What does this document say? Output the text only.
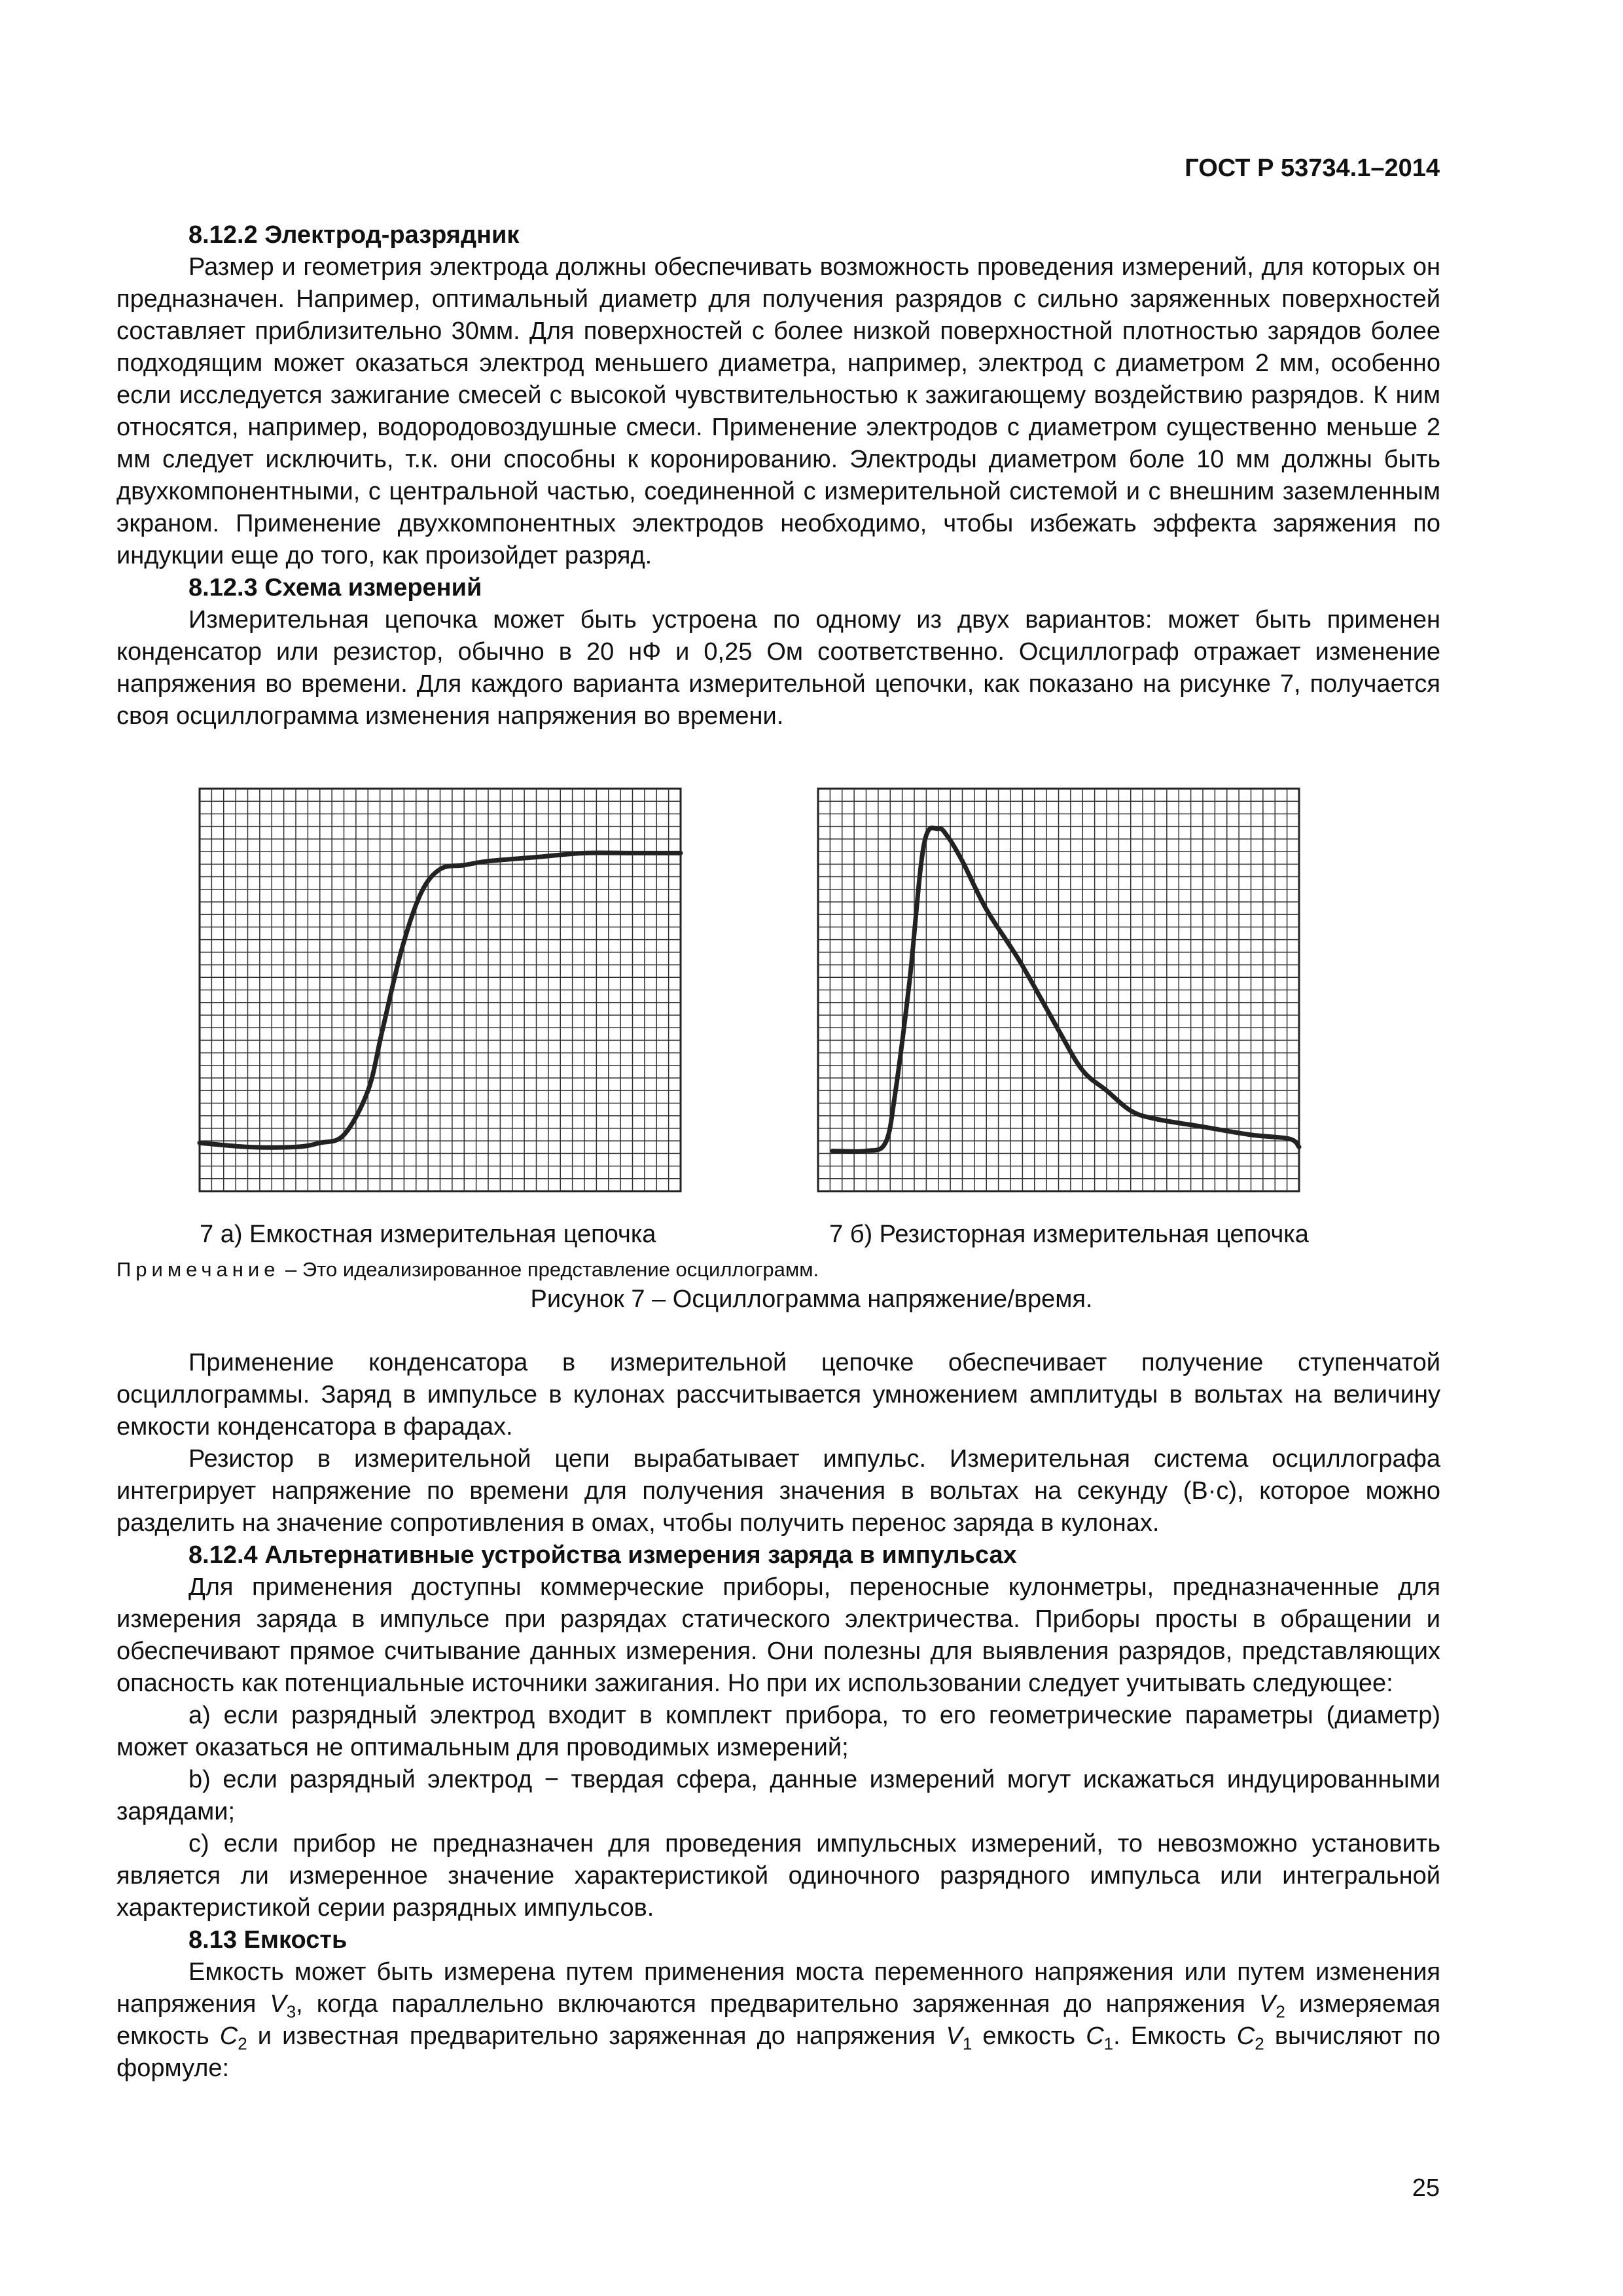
ГОСТ Р 53734.1–2014

8.12.2 Электрод-разрядник

Размер и геометрия электрода должны обеспечивать возможность проведения измерений, для которых он предназначен. Например, оптимальный диаметр для получения разрядов с сильно заряженных поверхностей составляет приблизительно 30мм. Для поверхностей с более низкой поверхностной плотностью зарядов более подходящим может оказаться электрод меньшего диаметра, например, электрод с диаметром 2 мм, особенно если исследуется зажигание смесей с высокой чувствительностью к зажигающему воздействию разрядов. К ним относятся, например, водородовоздушные смеси. Применение электродов с диаметром существенно меньше 2 мм следует исключить, т.к. они способны к коронированию. Электроды диаметром боле 10 мм должны быть двухкомпонентными, с центральной частью, соединенной с измерительной системой и с внешним заземленным экраном. Применение двухкомпонентных электродов необходимо, чтобы избежать эффекта заряжения по индукции еще до того, как произойдет разряд.

8.12.3 Схема измерений

Измерительная цепочка может быть устроена по одному из двух вариантов: может быть применен конденсатор или резистор, обычно в 20 нФ и 0,25 Ом соответственно. Осциллограф отражает изменение напряжения во времени. Для каждого варианта измерительной цепочки, как показано на рисунке 7, получается своя осциллограмма изменения напряжения во времени.

7 а) Емкостная измерительная цепочка	7 б) Резисторная измерительная цепочка
Примечание – Это идеализированное представление осциллограмм.
Рисунок 7 – Осциллограмма напряжение/время.

Применение конденсатора в измерительной цепочке обеспечивает получение ступенчатой осциллограммы. Заряд в импульсе в кулонах рассчитывается умножением амплитуды в вольтах на величину емкости конденсатора в фарадах.

Резистор в измерительной цепи вырабатывает импульс. Измерительная система осциллографа интегрирует напряжение по времени для получения значения в вольтах на секунду (В·с), которое можно разделить на значение сопротивления в омах, чтобы получить перенос заряда в кулонах.

8.12.4 Альтернативные устройства измерения заряда в импульсах

Для применения доступны коммерческие приборы, переносные кулонметры, предназначенные для измерения заряда в импульсе при разрядах статического электричества. Приборы просты в обращении и обеспечивают прямое считывание данных измерения. Они полезны для выявления разрядов, представляющих опасность как потенциальные источники зажигания. Но при их использовании следует учитывать следующее:

а) если разрядный электрод входит в комплект прибора, то его геометрические параметры (диаметр) может оказаться не оптимальным для проводимых измерений;

b) если разрядный электрод − твердая сфера, данные измерений могут искажаться индуцированными зарядами;

с) если прибор не предназначен для проведения импульсных измерений, то невозможно установить является ли измеренное значение характеристикой одиночного разрядного импульса или интегральной характеристикой серии разрядных импульсов.

8.13 Емкость

Емкость может быть измерена путем применения моста переменного напряжения или путем изменения напряжения $V_3$, когда параллельно включаются предварительно заряженная до напряжения $V_2$ измеряемая емкость $C_2$ и известная предварительно заряженная до напряжения $V_1$ емкость $C_1$. Емкость $C_2$ вычисляют по формуле:

25
